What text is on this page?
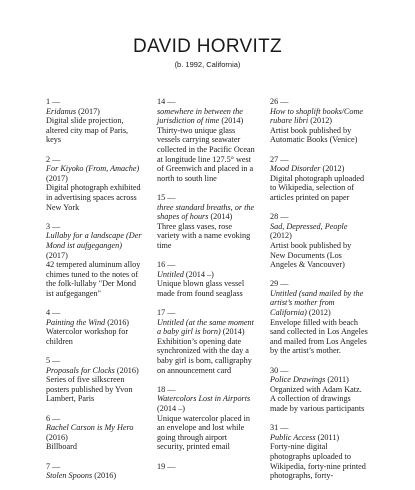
DAVID HORVITZ
(b. 1992, California)
1 —
Eridanus (2017)
Digital slide projection, altered city map of Paris, keys
2 —
For Kiyoko (From, Amache) (2017)
Digital photograph exhibited in advertising spaces across New York
3 —
Lullaby for a landscape (Der Mond ist aufgegangen) (2017)
42 tempered aluminum alloy chimes tuned to the notes of the folk-lullaby "Der Mond ist aufgegangen"
4 —
Painting the Wind (2016)
Watercolor workshop for children
5 —
Proposals for Clocks (2016)
Series of five silkscreen posters published by Yvon Lambert, Paris
6 —
Rachel Carson is My Hero (2016)
Billboard
7 —
Stolen Spoons (2016)
14 —
somewhere in between the jurisdiction of time (2014)
Thirty-two unique glass vessels carrying seawater collected in the Pacific Ocean at longitude line 127.5° west of Greenwich and placed in a north to south line
15 —
three standard breaths, or the shapes of hours (2014)
Three glass vases, rose variety with a name evoking time
16 —
Untitled (2014 –)
Unique blown glass vessel made from found seaglass
17 —
Untitled (at the same moment a baby girl is born) (2014)
Exhibition’s opening date synchronized with the day a baby girl is born, calligraphy on announcement card
18 —
Watercolors Lost in Airports (2014 –)
Unique watercolor placed in an envelope and lost while going through airport security, printed email
19 —
26 —
How to shoplift books/Come rubare libri (2012)
Artist book published by Automatic Books (Venice)
27 —
Mood Disorder (2012)
Digital photograph uploaded to Wikipedia, selection of articles printed on paper
28 —
Sad, Depressed, People (2012)
Artist book published by New Documents (Los Angeles & Vancouver)
29 —
Untitled (sand mailed by the artist’s mother from California) (2012)
Envelope filled with beach sand collected in Los Angeles and mailed from Los Angeles by the artist’s mother.
30 —
Police Drawings (2011)
Organized with Adam Katz. A collection of drawings made by various participants
31 —
Public Access (2011)
Forty-nine digital photographs uploaded to Wikipedia, forty-nine printed photographs, forty-
